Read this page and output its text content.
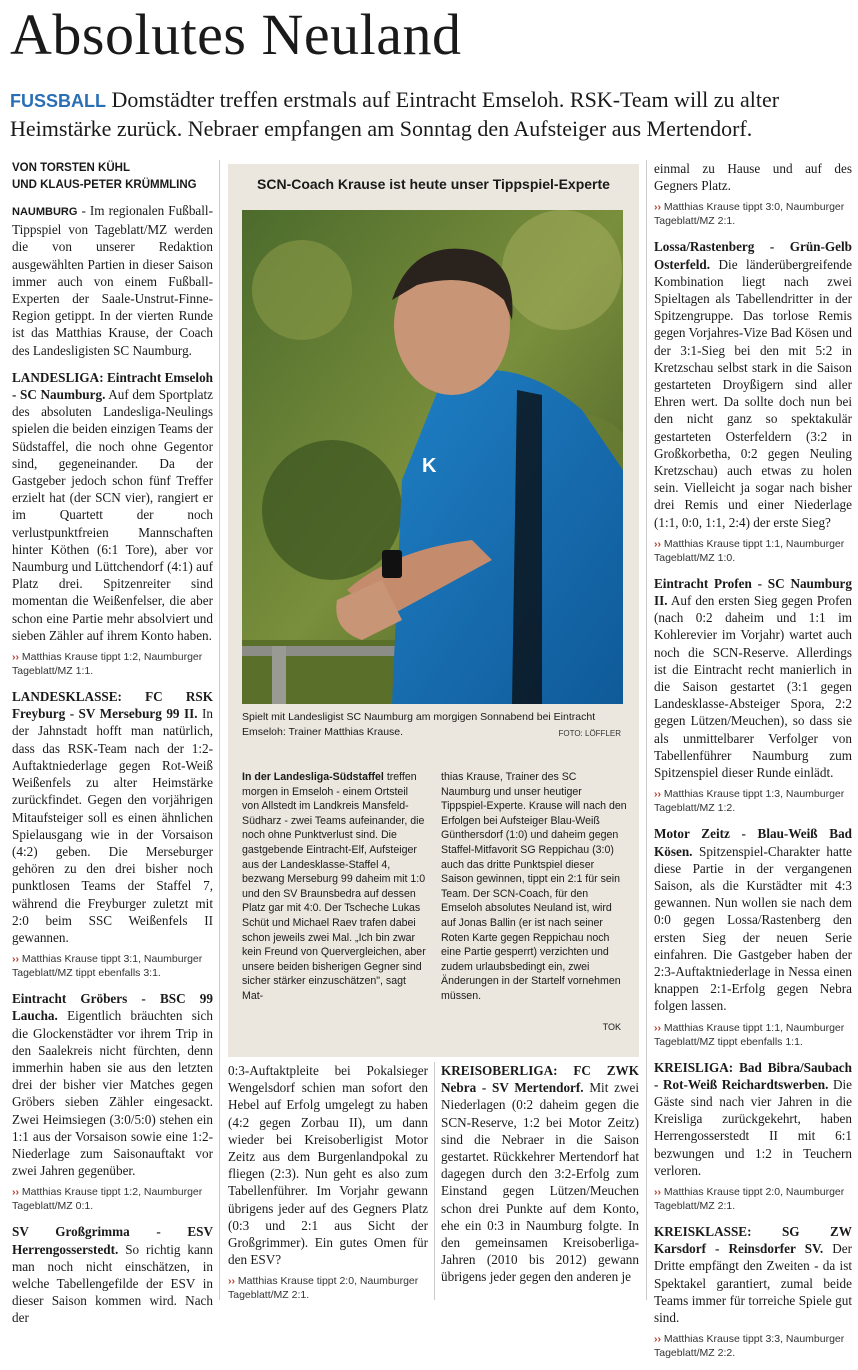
Absolutes Neuland
FUSSBALL Domstädter treffen erstmals auf Eintracht Emseloh. RSK-Team will zu alter Heimstärke zurück. Nebraer empfangen am Sonntag den Aufsteiger aus Mertendorf.
VON TORSTEN KÜHL
UND KLAUS-PETER KRÜMMLING

NAUMBURG - Im regionalen Fußball-Tippspiel von Tageblatt/MZ werden die von unserer Redaktion ausgewählten Partien in dieser Saison immer auch von einem Fußball-Experten der Saale-Unstrut-Finne-Region getippt. In der vierten Runde ist das Matthias Krause, der Coach des Landesligisten SC Naumburg.

LANDESLIGA: Eintracht Emseloh - SC Naumburg. Auf dem Sportplatz des absoluten Landesliga-Neulings spielen die beiden einzigen Teams der Südstaffel, die noch ohne Gegentor sind, gegeneinander. Da der Gastgeber jedoch schon fünf Treffer erzielt hat (der SCN vier), rangiert er im Quartett der noch verlustpunktfreien Mannschaften hinter Köthen (6:1 Tore), aber vor Naumburg und Lüttchendorf (4:1) auf Platz drei. Spitzenreiter sind momentan die Weißenfelser, die aber schon eine Partie mehr absolviert und sieben Zähler auf ihrem Konto haben.

›› Matthias Krause tippt 1:2, Naumburger Tageblatt/MZ 1:1.

LANDESKLASSE: FC RSK Freyburg - SV Merseburg 99 II. In der Jahnstadt hofft man natürlich, dass das RSK-Team nach der 1:2-Auftaktniederlage gegen Rot-Weiß Weißenfels zu alter Heimstärke zurückfindet. Gegen den vorjährigen Mitaufsteiger soll es einen ähnlichen Spielausgang wie in der Vorsaison (4:2) geben. Die Merseburger gehören zu den drei bisher noch punktlosen Teams der Staffel 7, während die Freyburger zuletzt mit 2:0 beim SSC Weißenfels II gewannen.

›› Matthias Krause tippt 3:1, Naumburger Tageblatt/MZ tippt ebenfalls 3:1.

Eintracht Gröbers - BSC 99 Laucha. Eigentlich bräuchten sich die Glockenstädter vor ihrem Trip in den Saalekreis nicht fürchten, denn immerhin haben sie aus den letzten drei der bisher vier Matches gegen Gröbers sieben Zähler eingesackt. Zwei Heimsiegen (3:0/5:0) stehen ein 1:1 aus der Vorsaison sowie eine 1:2-Niederlage zum Saisonauftakt vor zwei Jahren gegenüber.

›› Matthias Krause tippt 1:2, Naumburger Tageblatt/MZ 0:1.

SV Großgrimma - ESV Herrengosserstedt. So richtig kann man noch nicht einschätzen, in welche Tabellengefilde der ESV in dieser Saison kommen wird. Nach der

SCN-Coach Krause ist heute unser Tippspiel-Experte
K
Spielt mit Landesligist SC Naumburg am morgigen Sonnabend bei Eintracht Emseloh: Trainer Matthias Krause.	FOTO: LÖFFLER
In der Landesliga-Südstaffel treffen morgen in Emseloh - einem Ortsteil von Allstedt im Landkreis Mansfeld-Südharz - zwei Teams aufeinander, die noch ohne Punktverlust sind. Die gastgebende Eintracht-Elf, Aufsteiger aus der Landesklasse-Staffel 4, bezwang Merseburg 99 daheim mit 1:0 und den SV Braunsbedra auf dessen Platz gar mit 4:0. Der Tscheche Lukas Schüt und Michael Raev trafen dabei schon jeweils zwei Mal. „Ich bin zwar kein Freund von Quervergleichen, aber unsere beiden bisherigen Gegner sind sicher stärker einzuschätzen", sagt Mat-
thias Krause, Trainer des SC Naumburg und unser heutiger Tippspiel-Experte. Krause will nach den Erfolgen bei Aufsteiger Blau-Weiß Günthersdorf (1:0) und daheim gegen Staffel-Mitfavorit SG Reppichau (3:0) auch das dritte Punktspiel dieser Saison gewinnen, tippt ein 2:1 für sein Team. Der SCN-Coach, für den Emseloh absolutes Neuland ist, wird auf Jonas Ballin (er ist nach seiner Roten Karte gegen Reppichau noch eine Partie gesperrt) verzichten und zudem urlaubsbedingt ein, zwei Änderungen in der Startelf vornehmen müssen.
TOK

0:3-Auftaktpleite bei Pokalsieger Wengelsdorf schien man sofort den Hebel auf Erfolg umgelegt zu haben (4:2 gegen Zorbau II), um dann wieder bei Kreisoberligist Motor Zeitz aus dem Burgenlandpokal zu fliegen (2:3). Nun geht es also zum Tabellenführer. Im Vorjahr gewann übrigens jeder auf des Gegners Platz (0:3 und 2:1 aus Sicht der Großgrimmer). Ein gutes Omen für den ESV?

›› Matthias Krause tippt 2:0, Naumburger Tageblatt/MZ 2:1.

KREISOBERLIGA: FC ZWK Nebra - SV Mertendorf. Mit zwei Niederlagen (0:2 daheim gegen die SCN-Reserve, 1:2 bei Motor Zeitz) sind die Nebraer in die Saison gestartet. Rückkehrer Mertendorf hat dagegen durch den 3:2-Erfolg zum Einstand gegen Lützen/Meuchen schon drei Punkte auf dem Konto, ehe ein 0:3 in Naumburg folgte. In den gemeinsamen Kreisoberliga-Jahren (2010 bis 2012) gewann übrigens jeder gegen den anderen je

einmal zu Hause und auf des Gegners Platz.

›› Matthias Krause tippt 3:0, Naumburger Tageblatt/MZ 2:1.

Lossa/Rastenberg - Grün-Gelb Osterfeld. Die länderübergreifende Kombination liegt nach zwei Spieltagen als Tabellendritter in der Spitzengruppe. Das torlose Remis gegen Vorjahres-Vize Bad Kösen und der 3:1-Sieg bei den mit 5:2 in Kretzschau selbst stark in die Saison gestarteten Droyßigern sind aller Ehren wert. Da sollte doch nun bei den nicht ganz so spektakulär gestarteten Osterfeldern (3:2 in Großkorbetha, 0:2 gegen Neuling Kretzschau) auch etwas zu holen sein. Vielleicht ja sogar nach bisher drei Remis und einer Niederlage (1:1, 0:0, 1:1, 2:4) der erste Sieg?

›› Matthias Krause tippt 1:1, Naumburger Tageblatt/MZ 1:0.

Eintracht Profen - SC Naumburg II. Auf den ersten Sieg gegen Profen (nach 0:2 daheim und 1:1 im Kohlerevier im Vorjahr) wartet auch noch die SCN-Reserve. Allerdings ist die Eintracht recht manierlich in die Saison gestartet (3:1 gegen Landesklasse-Absteiger Spora, 2:2 gegen Lützen/Meuchen), so dass sie als unmittelbarer Verfolger von Tabellenführer Naumburg zum Spitzenspiel dieser Runde einlädt.

›› Matthias Krause tippt 1:3, Naumburger Tageblatt/MZ 1:2.

Motor Zeitz - Blau-Weiß Bad Kösen. Spitzenspiel-Charakter hatte diese Partie in der vergangenen Saison, als die Kurstädter mit 4:3 gewannen. Nun wollen sie nach dem 0:0 gegen Lossa/Rastenberg den ersten Sieg der neuen Serie einfahren. Die Gastgeber haben der 2:3-Auftaktniederlage in Nessa einen knappen 2:1-Erfolg gegen Nebra folgen lassen.

›› Matthias Krause tippt 1:1, Naumburger Tageblatt/MZ tippt ebenfalls 1:1.

KREISLIGA: Bad Bibra/Saubach - Rot-Weiß Reichardtswerben. Die Gäste sind nach vier Jahren in die Kreisliga zurückgekehrt, haben Herrengosserstedt II mit 6:1 bezwungen und 1:2 in Teuchern verloren.

›› Matthias Krause tippt 2:0, Naumburger Tageblatt/MZ 2:1.

KREISKLASSE: SG ZW Karsdorf - Reinsdorfer SV. Der Dritte empfängt den Zweiten - da ist Spektakel garantiert, zumal beide Teams immer für torreiche Spiele gut sind.

›› Matthias Krause tippt 3:3, Naumburger Tageblatt/MZ 2:2.
